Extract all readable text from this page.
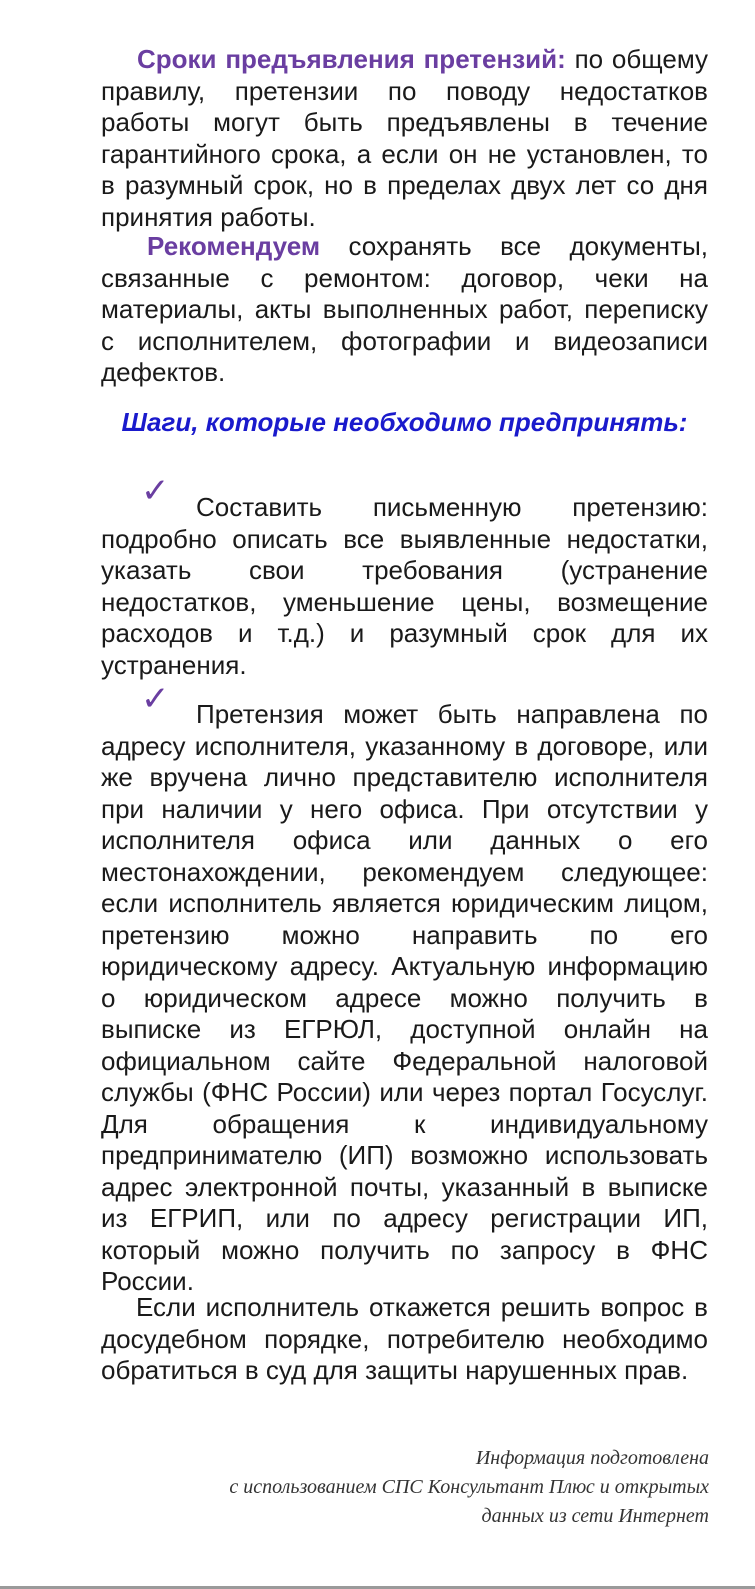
Сроки предъявления претензий: по общему правилу, претензии по поводу недостатков работы могут быть предъявлены в течение гарантийного срока, а если он не установлен, то в разумный срок, но в пределах двух лет со дня принятия работы.

Рекомендуем сохранять все документы, связанные с ремонтом: договор, чеки на материалы, акты выполненных работ, переписку с исполнителем, фотографии и видеозаписи дефектов.

Шаги, которые необходимо предпринять:
✓	Составить письменную претензию: подробно описать все выявленные недостатки, указать свои требования (устранение недостатков, уменьшение цены, возмещение расходов и т.д.) и разумный срок для их устранения.

✓	Претензия может быть направлена по адресу исполнителя, указанному в договоре, или же вручена лично представителю исполнителя при наличии у него офиса. При отсутствии у исполнителя офиса или данных о его местонахождении, рекомендуем следующее: если исполнитель является юридическим лицом, претензию можно направить по его юридическому адресу. Актуальную информацию о юридическом адресе можно получить в выписке из ЕГРЮЛ, доступной онлайн на официальном сайте Федеральной налоговой службы (ФНС России) или через портал Госуслуг. Для обращения к индивидуальному предпринимателю (ИП) возможно использовать адрес электронной почты, указанный в выписке из ЕГРИП, или по адресу регистрации ИП, который можно получить по запросу в ФНС России.

Если исполнитель откажется решить вопрос в досудебном порядке, потребителю необходимо обратиться в суд для защиты нарушенных прав.

Информация подготовлена
с использованием СПС Консультант Плюс и открытых
данных из сети Интернет
